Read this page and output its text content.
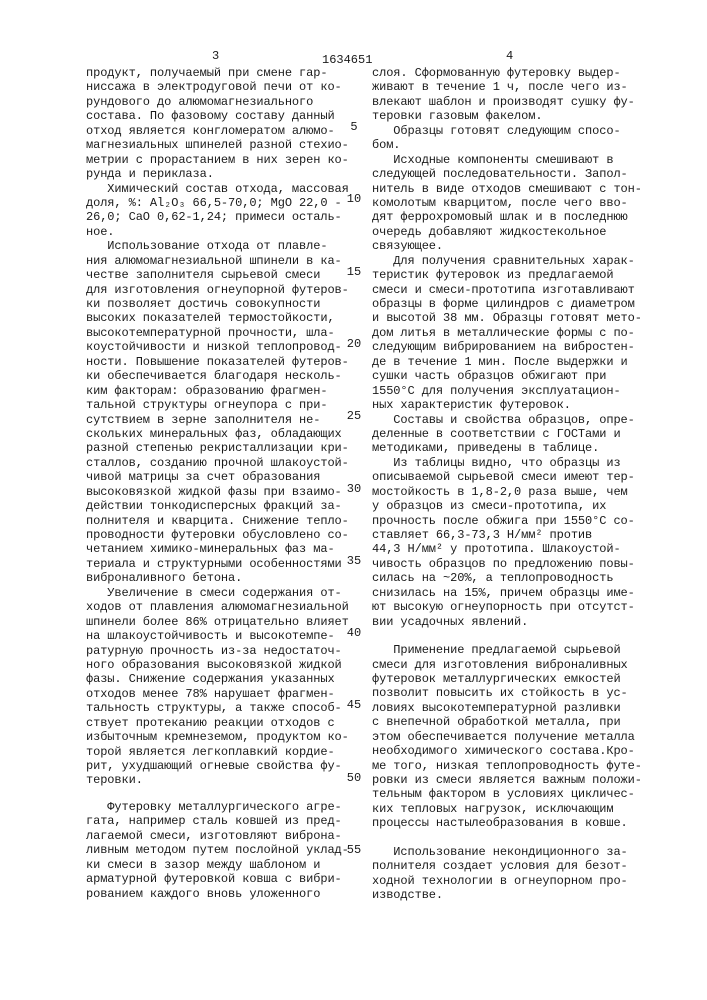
3	1634651	4
продукт, получаемый при смене гар-
ниссажа в электродуговой печи от ко-
рундового до алюмомагнезиального
состава. По фазовому составу данный
отход является конгломератом алюмо-
магнезиальных шпинелей разной стехио-
метрии с прорастанием в них зерен ко-
рунда и периклаза.
Химический состав отхода, массовая
доля, %: Al₂O₃ 66,5-70,0; MgO 22,0 -
26,0; CaO 0,62-1,24; примеси осталь-
ное.
Использование отхода от плавле-
ния алюмомагнезиальной шпинели в ка-
честве заполнителя сырьевой смеси
для изготовления огнеупорной футеров-
ки позволяет достичь совокупности
высоких показателей термостойкости,
высокотемпературной прочности, шла-
коустойчивости и низкой теплопровод-
ности. Повышение показателей футеров-
ки обеспечивается благодаря несколь-
ким факторам: образованию фрагмен-
тальной структуры огнеупора с при-
сутствием в зерне заполнителя не-
скольких минеральных фаз, обладающих
разной степенью рекристаллизации кри-
сталлов, созданию прочной шлакоустой-
чивой матрицы за счет образования
высоковязкой жидкой фазы при взаимо-
действии тонкодисперсных фракций за-
полнителя и кварцита. Снижение тепло-
проводности футеровки обусловлено со-
четанием химико-минеральных фаз ма-
териала и структурными особенностями
виброналивного бетона.
Увеличение в смеси содержания от-
ходов от плавления алюмомагнезиальной
шпинели более 86% отрицательно влияет
на шлакоустойчивость и высокотемпе-
ратурную прочность из-за недостаточ-
ного образования высоковязкой жидкой
фазы. Снижение содержания указанных
отходов менее 78% нарушает фрагмен-
тальность структуры, а также способ-
ствует протеканию реакции отходов с
избыточным кремнеземом, продуктом ко-
торой является легкоплавкий кордие-
рит, ухудшающий огневые свойства фу-
теровки.
Футеровку металлургического агре-
гата, например сталь ковшей из пред-
лагаемой смеси, изготовляют виброна-
ливным методом путем послойной уклад-
ки смеси в зазор между шаблоном и
арматурной футеровкой ковша с вибри-
рованием каждого вновь уложенного
слоя. Сформованную футеровку выдер-
живают в течение 1 ч, после чего из-
влекают шаблон и производят сушку фу-
теровки газовым факелом.
Образцы готовят следующим спосо-
бом.
Исходные компоненты смешивают в
следующей последовательности. Запол-
нитель в виде отходов смешивают с тон-
комолотым кварцитом, после чего вво-
дят феррохромовый шлак и в последнюю
очередь добавляют жидкостекольное
связующее.
Для получения сравнительных харак-
теристик футеровок из предлагаемой
смеси и смеси-прототипа изготавливают
образцы в форме цилиндров с диаметром
и высотой 38 мм. Образцы готовят мето-
дом литья в металлические формы с по-
следующим вибрированием на вибростен-
де в течение 1 мин. После выдержки и
сушки часть образцов обжигают при
1550°С для получения эксплуатацион-
ных характеристик футеровок.
Составы и свойства образцов, опре-
деленные в соответствии с ГОСТами и
методиками, приведены в таблице.
Из таблицы видно, что образцы из
описываемой сырьевой смеси имеют тер-
мостойкость в 1,8-2,0 раза выше, чем
у образцов из смеси-прототипа, их
прочность после обжига при 1550°С со-
ставляет 66,3-73,3 Н/мм² против
44,3 Н/мм² у прототипа. Шлакоустой-
чивость образцов по предложению повы-
силась на ~20%, а теплопроводность
снизилась на 15%, причем образцы име-
ют высокую огнеупорность при отсутст-
вии усадочных явлений.
Применение предлагаемой сырьевой
смеси для изготовления виброналивных
футеровок металлургических емкостей
позволит повысить их стойкость в ус-
ловиях высокотемпературной разливки
с внепечной обработкой металла, при
этом обеспечивается получение металла
необходимого химического состава.Кро-
ме того, низкая теплопроводность футе-
ровки из смеси является важным положи-
тельным фактором в условиях цикличес-
ких тепловых нагрузок, исключающим
процессы настылеобразования в ковше.
Использование некондиционного за-
полнителя создает условия для безот-
ходной технологии в огнеупорном про-
изводстве.
5
10
15
20
25
30
35
40
45
50
55
